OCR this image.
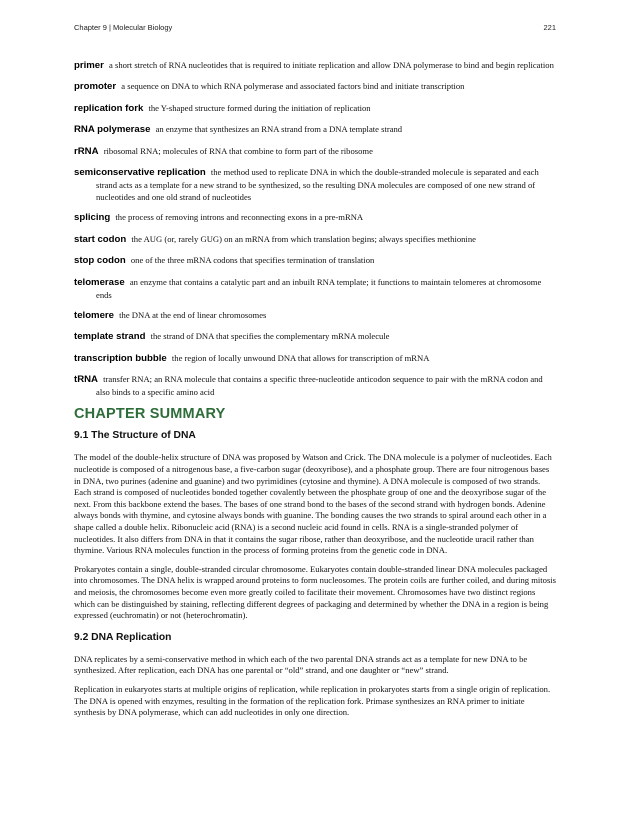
Chapter 9 | Molecular Biology	221

primer a short stretch of RNA nucleotides that is required to initiate replication and allow DNA polymerase to bind and begin replication

promoter a sequence on DNA to which RNA polymerase and associated factors bind and initiate transcription

replication fork the Y-shaped structure formed during the initiation of replication

RNA polymerase an enzyme that synthesizes an RNA strand from a DNA template strand

rRNA ribosomal RNA; molecules of RNA that combine to form part of the ribosome

semiconservative replication the method used to replicate DNA in which the double-stranded molecule is separated and each strand acts as a template for a new strand to be synthesized, so the resulting DNA molecules are composed of one new strand of nucleotides and one old strand of nucleotides

splicing the process of removing introns and reconnecting exons in a pre-mRNA

start codon the AUG (or, rarely GUG) on an mRNA from which translation begins; always specifies methionine

stop codon one of the three mRNA codons that specifies termination of translation

telomerase an enzyme that contains a catalytic part and an inbuilt RNA template; it functions to maintain telomeres at chromosome ends

telomere the DNA at the end of linear chromosomes

template strand the strand of DNA that specifies the complementary mRNA molecule

transcription bubble the region of locally unwound DNA that allows for transcription of mRNA

tRNA transfer RNA; an RNA molecule that contains a specific three-nucleotide anticodon sequence to pair with the mRNA codon and also binds to a specific amino acid

CHAPTER SUMMARY
9.1 The Structure of DNA

The model of the double-helix structure of DNA was proposed by Watson and Crick. The DNA molecule is a polymer of nucleotides. Each nucleotide is composed of a nitrogenous base, a five-carbon sugar (deoxyribose), and a phosphate group. There are four nitrogenous bases in DNA, two purines (adenine and guanine) and two pyrimidines (cytosine and thymine). A DNA molecule is composed of two strands. Each strand is composed of nucleotides bonded together covalently between the phosphate group of one and the deoxyribose sugar of the next. From this backbone extend the bases. The bases of one strand bond to the bases of the second strand with hydrogen bonds. Adenine always bonds with thymine, and cytosine always bonds with guanine. The bonding causes the two strands to spiral around each other in a shape called a double helix. Ribonucleic acid (RNA) is a second nucleic acid found in cells. RNA is a single-stranded polymer of nucleotides. It also differs from DNA in that it contains the sugar ribose, rather than deoxyribose, and the nucleotide uracil rather than thymine. Various RNA molecules function in the process of forming proteins from the genetic code in DNA.

Prokaryotes contain a single, double-stranded circular chromosome. Eukaryotes contain double-stranded linear DNA molecules packaged into chromosomes. The DNA helix is wrapped around proteins to form nucleosomes. The protein coils are further coiled, and during mitosis and meiosis, the chromosomes become even more greatly coiled to facilitate their movement. Chromosomes have two distinct regions which can be distinguished by staining, reflecting different degrees of packaging and determined by whether the DNA in a region is being expressed (euchromatin) or not (heterochromatin).

9.2 DNA Replication

DNA replicates by a semi-conservative method in which each of the two parental DNA strands act as a template for new DNA to be synthesized. After replication, each DNA has one parental or “old” strand, and one daughter or “new” strand.

Replication in eukaryotes starts at multiple origins of replication, while replication in prokaryotes starts from a single origin of replication. The DNA is opened with enzymes, resulting in the formation of the replication fork. Primase synthesizes an RNA primer to initiate synthesis by DNA polymerase, which can add nucleotides in only one direction.
